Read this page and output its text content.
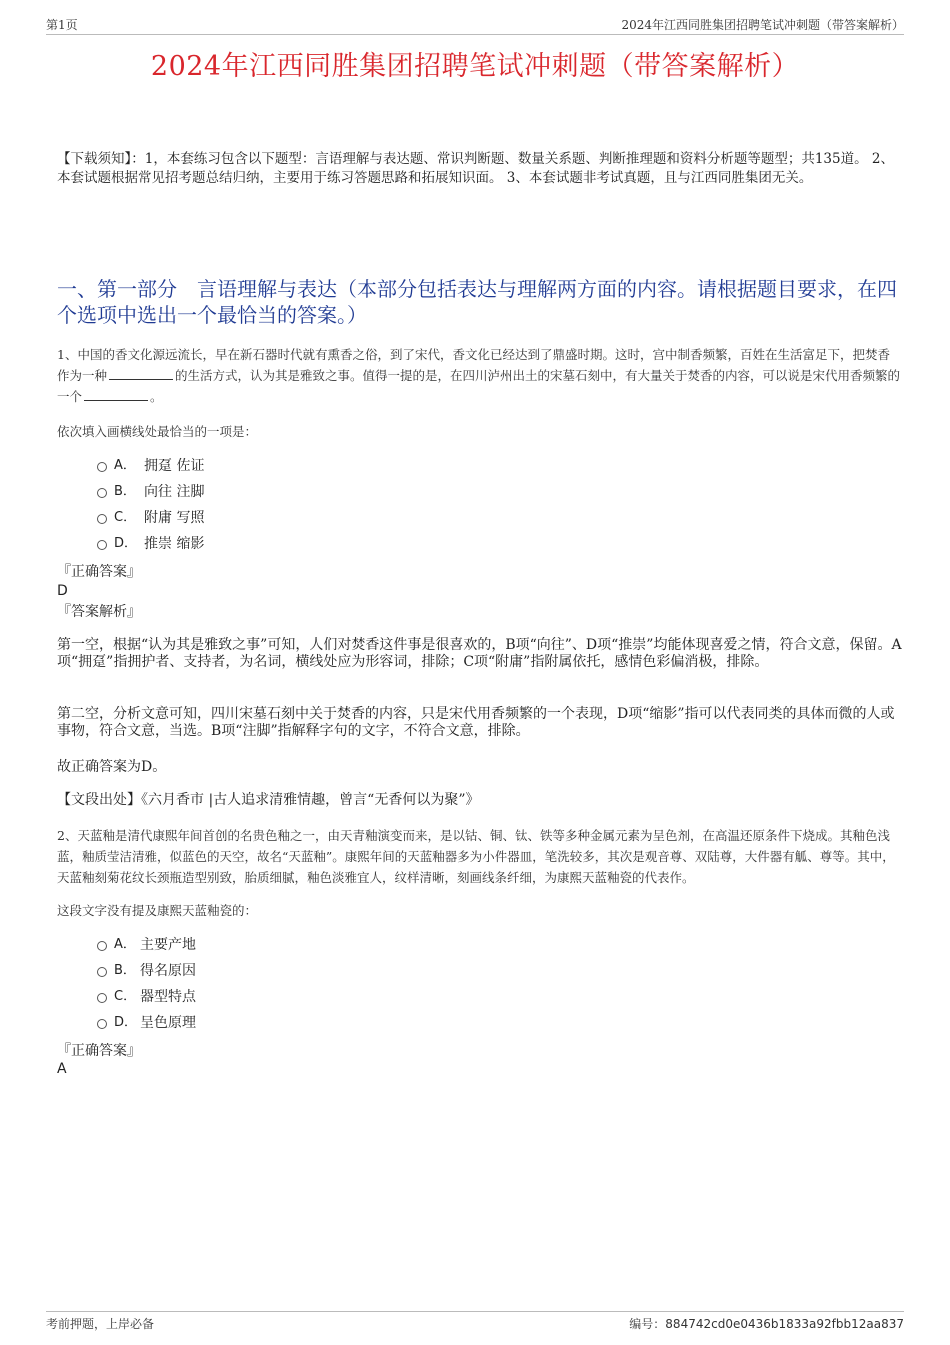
第1页	2024年江西同胜集团招聘笔试冲刺题（带答案解析）
2024年江西同胜集团招聘笔试冲刺题（带答案解析）
【下载须知】：1，本套练习包含以下题型：言语理解与表达题、常识判断题、数量关系题、判断推理题和资料分析题等题型；共135道。 2、本套试题根据常见招考题总结归纳，主要用于练习答题思路和拓展知识面。 3、本套试题非考试真题，且与江西同胜集团无关。
一、第一部分　言语理解与表达（本部分包括表达与理解两方面的内容。请根据题目要求，在四个选项中选出一个最恰当的答案。）
1、中国的香文化源远流长，早在新石器时代就有熏香之俗，到了宋代，香文化已经达到了鼎盛时期。这时，宫中制香频繁，百姓在生活富足下，把焚香作为一种	的生活方式，认为其是雅致之事。值得一提的是，在四川泸州出土的宋墓石刻中，有大量关于焚香的内容，可以说是宋代用香频繁的一个	。
依次填入画横线处最恰当的一项是：
A． 拥趸 佐证
B． 向往 注脚
C． 附庸 写照
D． 推崇 缩影
『正确答案』
D
『答案解析』
第一空，根据“认为其是雅致之事”可知，人们对焚香这件事是很喜欢的，B项“向往”、D项“推崇”均能体现喜爱之情，符合文意，保留。A项“拥趸”指拥护者、支持者，为名词，横线处应为形容词，排除；C项“附庸”指附属依托，感情色彩偏消极，排除。
第二空，分析文意可知，四川宋墓石刻中关于焚香的内容，只是宋代用香频繁的一个表现，D项“缩影”指可以代表同类的具体而微的人或事物，符合文意，当选。B项“注脚”指解释字句的文字，不符合文意，排除。
故正确答案为D。
【文段出处】《六月香市 |古人追求清雅情趣，曾言“无香何以为聚”》
2、天蓝釉是清代康熙年间首创的名贵色釉之一，由天青釉演变而来，是以钴、铜、钛、铁等多种金属元素为呈色剂，在高温还原条件下烧成。其釉色浅蓝，釉质莹洁清雅，似蓝色的天空，故名“天蓝釉”。康熙年间的天蓝釉器多为小件器皿，笔洗较多，其次是观音尊、双陆尊，大件器有觚、尊等。其中，天蓝釉刻菊花纹长颈瓶造型别致，胎质细腻，釉色淡雅宜人，纹样清晰，刻画线条纤细，为康熙天蓝釉瓷的代表作。
这段文字没有提及康熙天蓝釉瓷的：
A． 主要产地
B． 得名原因
C． 器型特点
D． 呈色原理
『正确答案』
A
考前押题，上岸必备	编号：884742cd0e0436b1833a92fbb12aa837
